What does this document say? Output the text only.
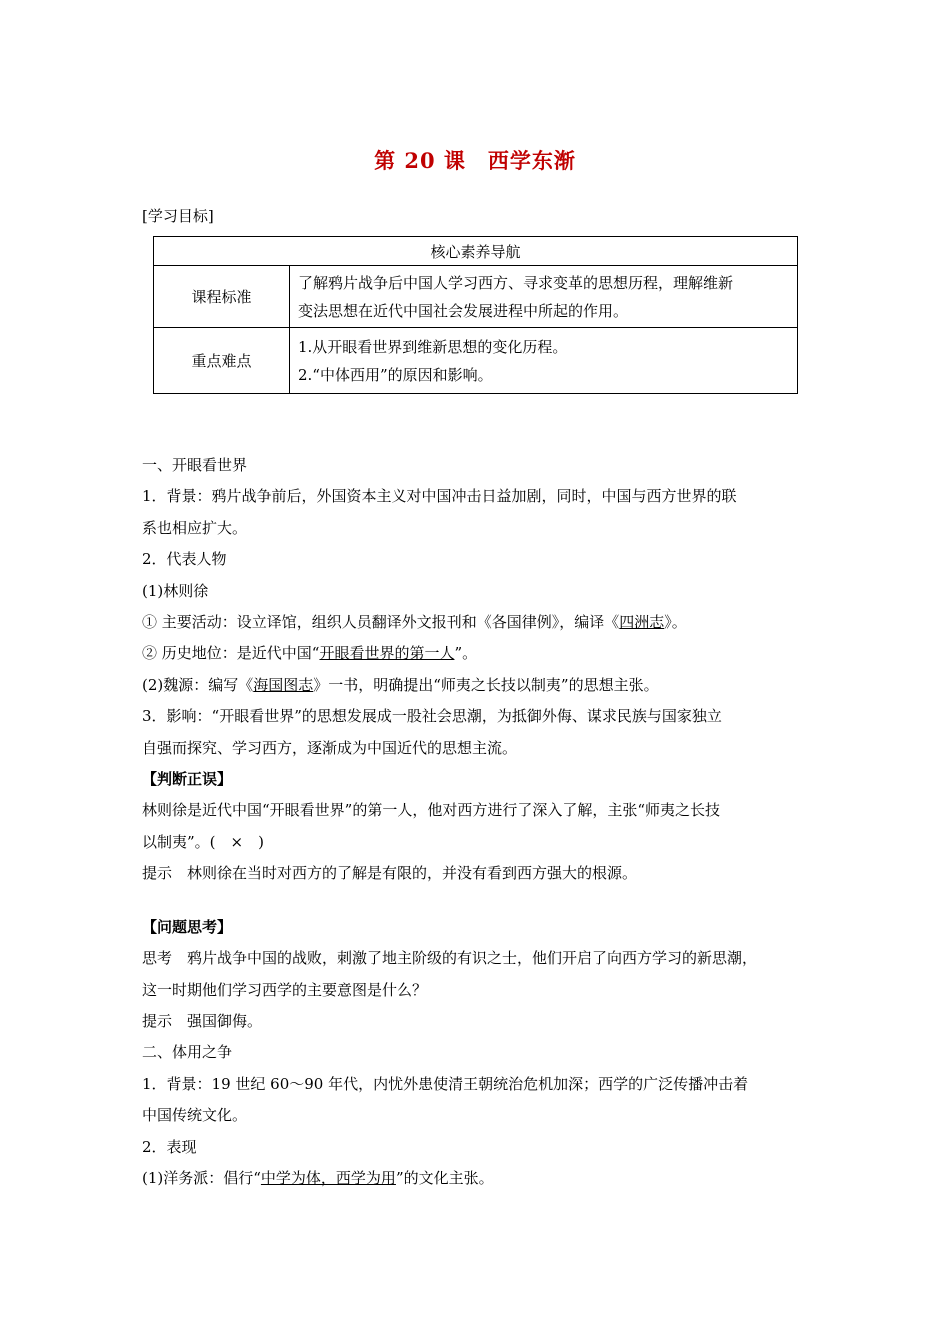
第 20 课　西学东渐
[学习目标]
核心素养导航	
课程标准	了解鸦片战争后中国人学习西方、寻求变革的思想历程，理解维新
变法思想在近代中国社会发展进程中所起的作用。

重点难点	1.从开眼看世界到维新思想的变化历程。
2.“中体西用”的原因和影响。

一、开眼看世界

1．背景：鸦片战争前后，外国资本主义对中国冲击日益加剧，同时，中国与西方世界的联

系也相应扩大。

2．代表人物

(1)林则徐

① 主要活动：设立译馆，组织人员翻译外文报刊和《各国律例》，编译《四洲志》。

② 历史地位：是近代中国“开眼看世界的第一人”。

(2)魏源：编写《海国图志》一书，明确提出“师夷之长技以制夷”的思想主张。

3．影响：“开眼看世界”的思想发展成一股社会思潮，为抵御外侮、谋求民族与国家独立

自强而探究、学习西方，逐渐成为中国近代的思想主流。

【判断正误】

林则徐是近代中国“开眼看世界”的第一人，他对西方进行了深入了解，主张“师夷之长技

以制夷”。(　×　)

提示　林则徐在当时对西方的了解是有限的，并没有看到西方强大的根源。

【问题思考】

思考　鸦片战争中国的战败，刺激了地主阶级的有识之士，他们开启了向西方学习的新思潮，

这一时期他们学习西学的主要意图是什么？

提示　强国御侮。

二、体用之争

1．背景：19 世纪 60～90 年代，内忧外患使清王朝统治危机加深；西学的广泛传播冲击着

中国传统文化。

2．表现

(1)洋务派：倡行“中学为体，西学为用”的文化主张。
